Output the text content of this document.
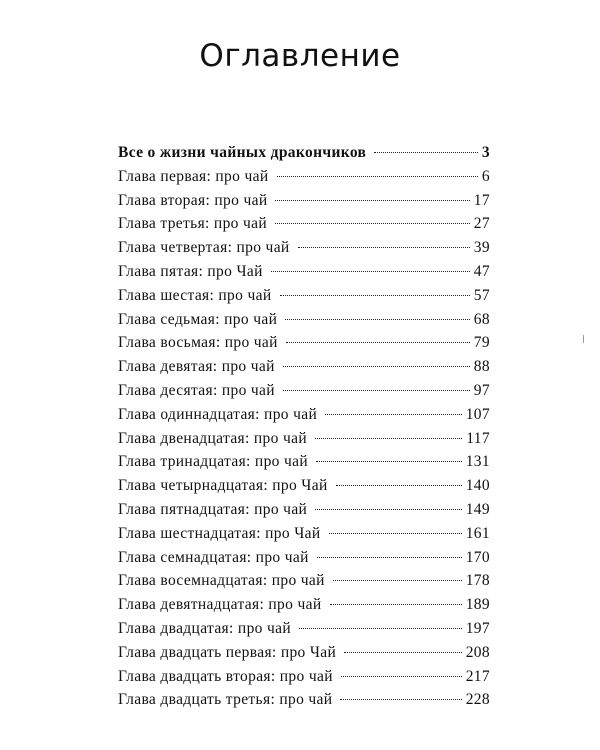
Оглавление
Все о жизни чайных дракончиков	3
Глава первая: про чай	6
Глава вторая: про чай	17
Глава третья: про чай	27
Глава четвертая: про чай	39
Глава пятая: про Чай	47
Глава шестая: про чай	57
Глава седьмая: про чай	68
Глава восьмая: про чай	79
Глава девятая: про чай	88
Глава десятая: про чай	97
Глава одиннадцатая: про чай	107
Глава двенадцатая: про чай	117
Глава тринадцатая: про чай	131
Глава четырнадцатая: про Чай	140
Глава пятнадцатая: про чай	149
Глава шестнадцатая: про Чай	161
Глава семнадцатая: про чай	170
Глава восемнадцатая: про чай	178
Глава девятнадцатая: про чай	189
Глава двадцатая: про чай	197
Глава двадцать первая: про Чай	208
Глава двадцать вторая: про чай	217
Глава двадцать третья: про чай	228
